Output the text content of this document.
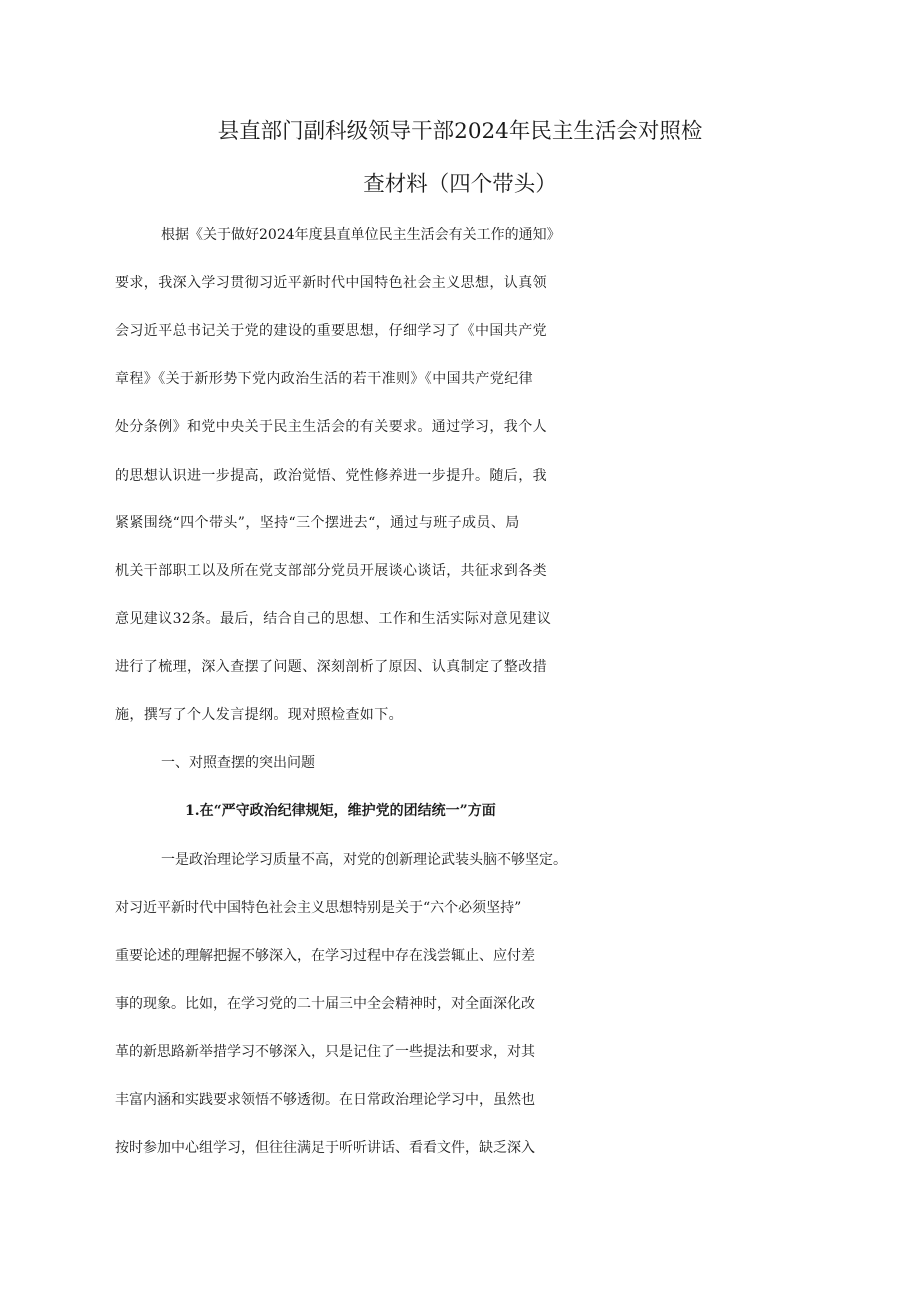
县直部门副科级领导干部2024年民主生活会对照检
查材料（四个带头）
根据《关于做好2024年度县直单位民主生活会有关工作的通知》
要求，我深入学习贯彻习近平新时代中国特色社会主义思想，认真领
会习近平总书记关于党的建设的重要思想，仔细学习了《中国共产党
章程》《关于新形势下党内政治生活的若干准则》《中国共产党纪律
处分条例》和党中央关于民主生活会的有关要求。通过学习，我个人
的思想认识进一步提高，政治觉悟、党性修养进一步提升。随后，我
紧紧围绕“四个带头”，坚持“三个摆进去“，通过与班子成员、局
机关干部职工以及所在党支部部分党员开展谈心谈话，共征求到各类
意见建议32条。最后，结合自己的思想、工作和生活实际对意见建议
进行了梳理，深入查摆了问题、深刻剖析了原因、认真制定了整改措
施，撰写了个人发言提纲。现对照检查如下。
一、对照查摆的突出问题
1.在“严守政治纪律规矩，维护党的团结统一”方面
一是政治理论学习质量不高，对党的创新理论武装头脑不够坚定。
对习近平新时代中国特色社会主义思想特别是关于“六个必须坚持”
重要论述的理解把握不够深入，在学习过程中存在浅尝辄止、应付差
事的现象。比如，在学习党的二十届三中全会精神时，对全面深化改
革的新思路新举措学习不够深入，只是记住了一些提法和要求，对其
丰富内涵和实践要求领悟不够透彻。在日常政治理论学习中，虽然也
按时参加中心组学习，但往往满足于听听讲话、看看文件，缺乏深入
